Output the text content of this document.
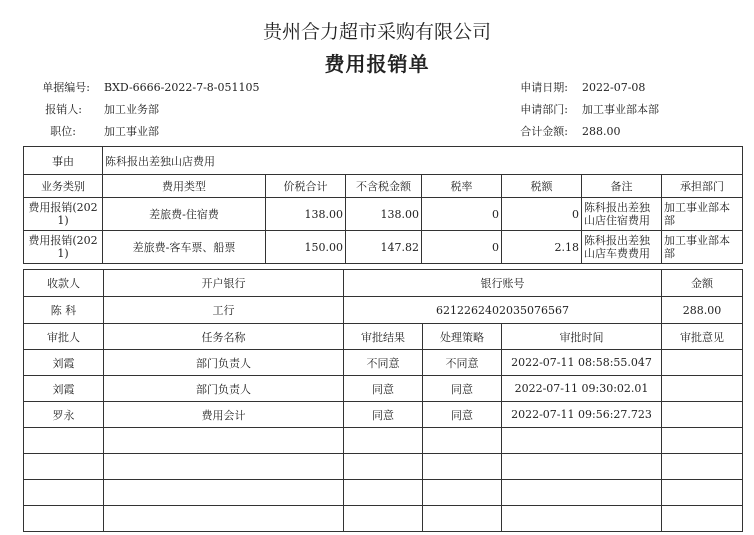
贵州合力超市采购有限公司
费用报销单
单据编号: BXD-6666-2022-7-8-051105	申请日期: 2022-07-08
报销人: 加工业务部	申请部门: 加工事业部本部
职位:	加工事业部	合计金额: 288.00
事由	陈科报出差独山店费用						
业务类别	费用类型	价税合计	不含税金额	税率	税额	备注	承担部门
费用报销(2021)	差旅费-住宿费	138.00	138.00	0	0	陈科报出差独山店住宿费用	加工事业部本部
费用报销(2021)	差旅费-客车票、船票	150.00	147.82	0	2.18	陈科报出差独山店车费费用	加工事业部本部
收款人	开户银行	银行账号			金额
陈 科	工行	6212262402035076567			288.00
审批人	任务名称	审批结果	处理策略	审批时间	审批意见
刘霞	部门负责人	不同意	不同意	2022-07-11 08:58:55.047	
刘霞	部门负责人	同意	同意	2022-07-11 09:30:02.01	
罗永	费用会计	同意	同意	2022-07-11 09:56:27.723	
